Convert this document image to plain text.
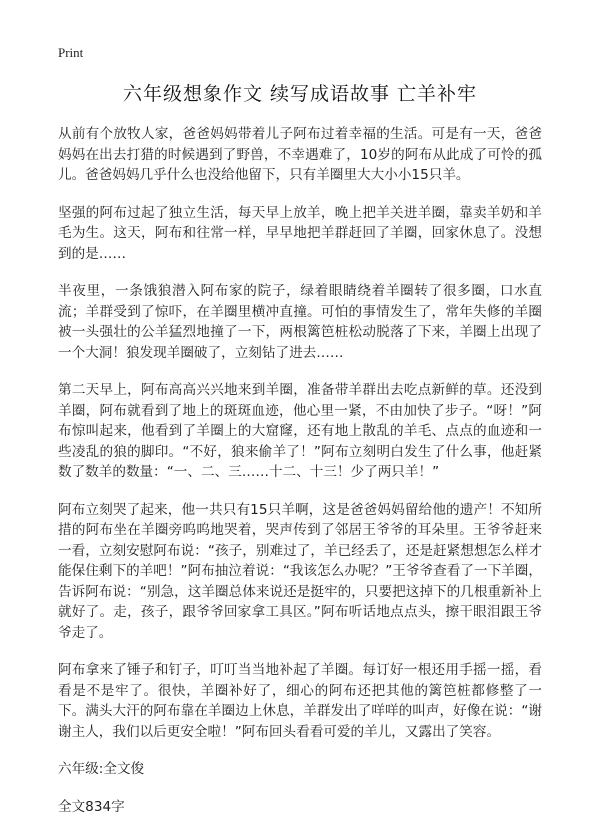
Print
六年级想象作文 续写成语故事 亡羊补牢

从前有个放牧人家，爸爸妈妈带着儿子阿布过着幸福的生活。可是有一天，爸爸妈妈在出去打猎的时候遇到了野兽，不幸遇难了，10岁的阿布从此成了可怜的孤儿。爸爸妈妈几乎什么也没给他留下，只有羊圈里大大小小15只羊。

坚强的阿布过起了独立生活，每天早上放羊，晚上把羊关进羊圈，靠卖羊奶和羊毛为生。这天，阿布和往常一样，早早地把羊群赶回了羊圈，回家休息了。没想到的是……

半夜里，一条饿狼潜入阿布家的院子，绿着眼睛绕着羊圈转了很多圈，口水直流；羊群受到了惊吓，在羊圈里横冲直撞。可怕的事情发生了，常年失修的羊圈被一头强壮的公羊猛烈地撞了一下，两根篱笆桩松动脱落了下来，羊圈上出现了一个大洞！狼发现羊圈破了，立刻钻了进去……

第二天早上，阿布高高兴兴地来到羊圈，准备带羊群出去吃点新鲜的草。还没到羊圈，阿布就看到了地上的斑斑血迹，他心里一紧，不由加快了步子。“呀！”阿布惊叫起来，他看到了羊圈上的大窟窿，还有地上散乱的羊毛、点点的血迹和一些凌乱的狼的脚印。“不好，狼来偷羊了！”阿布立刻明白发生了什么事，他赶紧数了数羊的数量：“一、二、三……十二、十三！少了两只羊！”

阿布立刻哭了起来，他一共只有15只羊啊，这是爸爸妈妈留给他的遗产！不知所措的阿布坐在羊圈旁呜呜地哭着，哭声传到了邻居王爷爷的耳朵里。王爷爷赶来一看，立刻安慰阿布说：“孩子，别难过了，羊已经丢了，还是赶紧想想怎么样才能保住剩下的羊吧！”阿布抽泣着说：“我该怎么办呢？”王爷爷查看了一下羊圈，告诉阿布说：“别急，这羊圈总体来说还是挺牢的，只要把这掉下的几根重新补上就好了。走，孩子，跟爷爷回家拿工具区。”阿布听话地点点头，擦干眼泪跟王爷爷走了。

阿布拿来了锤子和钉子，叮叮当当地补起了羊圈。每订好一根还用手摇一摇，看看是不是牢了。很快，羊圈补好了，细心的阿布还把其他的篱笆桩都修整了一下。满头大汗的阿布靠在羊圈边上休息，羊群发出了咩咩的叫声，好像在说：“谢谢主人，我们以后更安全啦！”阿布回头看看可爱的羊儿，又露出了笑容。

六年级:全文俊

全文834字
